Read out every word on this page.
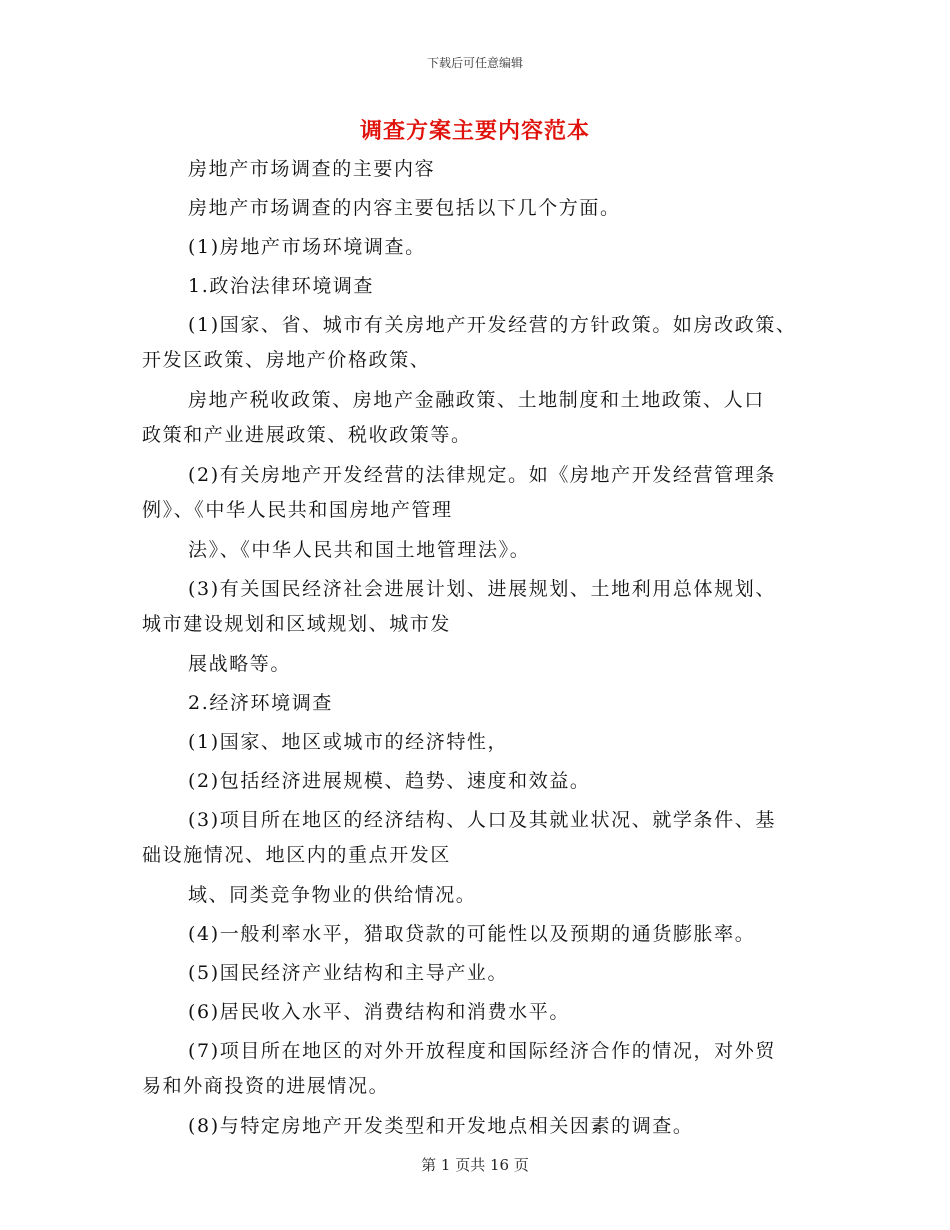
下载后可任意编辑
调查方案主要内容范本
房地产市场调查的主要内容
房地产市场调查的内容主要包括以下几个方面。
(1)房地产市场环境调查。
1.政治法律环境调查
(1)国家、省、城市有关房地产开发经营的方针政策。如房改政策、
开发区政策、房地产价格政策、
房地产税收政策、房地产金融政策、土地制度和土地政策、人口
政策和产业进展政策、税收政策等。
(2)有关房地产开发经营的法律规定。如《房地产开发经营管理条
例》、《中华人民共和国房地产管理
法》、《中华人民共和国土地管理法》。
(3)有关国民经济社会进展计划、进展规划、土地利用总体规划、
城市建设规划和区域规划、城市发
展战略等。
2.经济环境调查
(1)国家、地区或城市的经济特性，
(2)包括经济进展规模、趋势、速度和效益。
(3)项目所在地区的经济结构、人口及其就业状况、就学条件、基
础设施情况、地区内的重点开发区
域、同类竞争物业的供给情况。
(4)一般利率水平，猎取贷款的可能性以及预期的通货膨胀率。
(5)国民经济产业结构和主导产业。
(6)居民收入水平、消费结构和消费水平。
(7)项目所在地区的对外开放程度和国际经济合作的情况，对外贸
易和外商投资的进展情况。
(8)与特定房地产开发类型和开发地点相关因素的调查。
第 1 页共 16 页
